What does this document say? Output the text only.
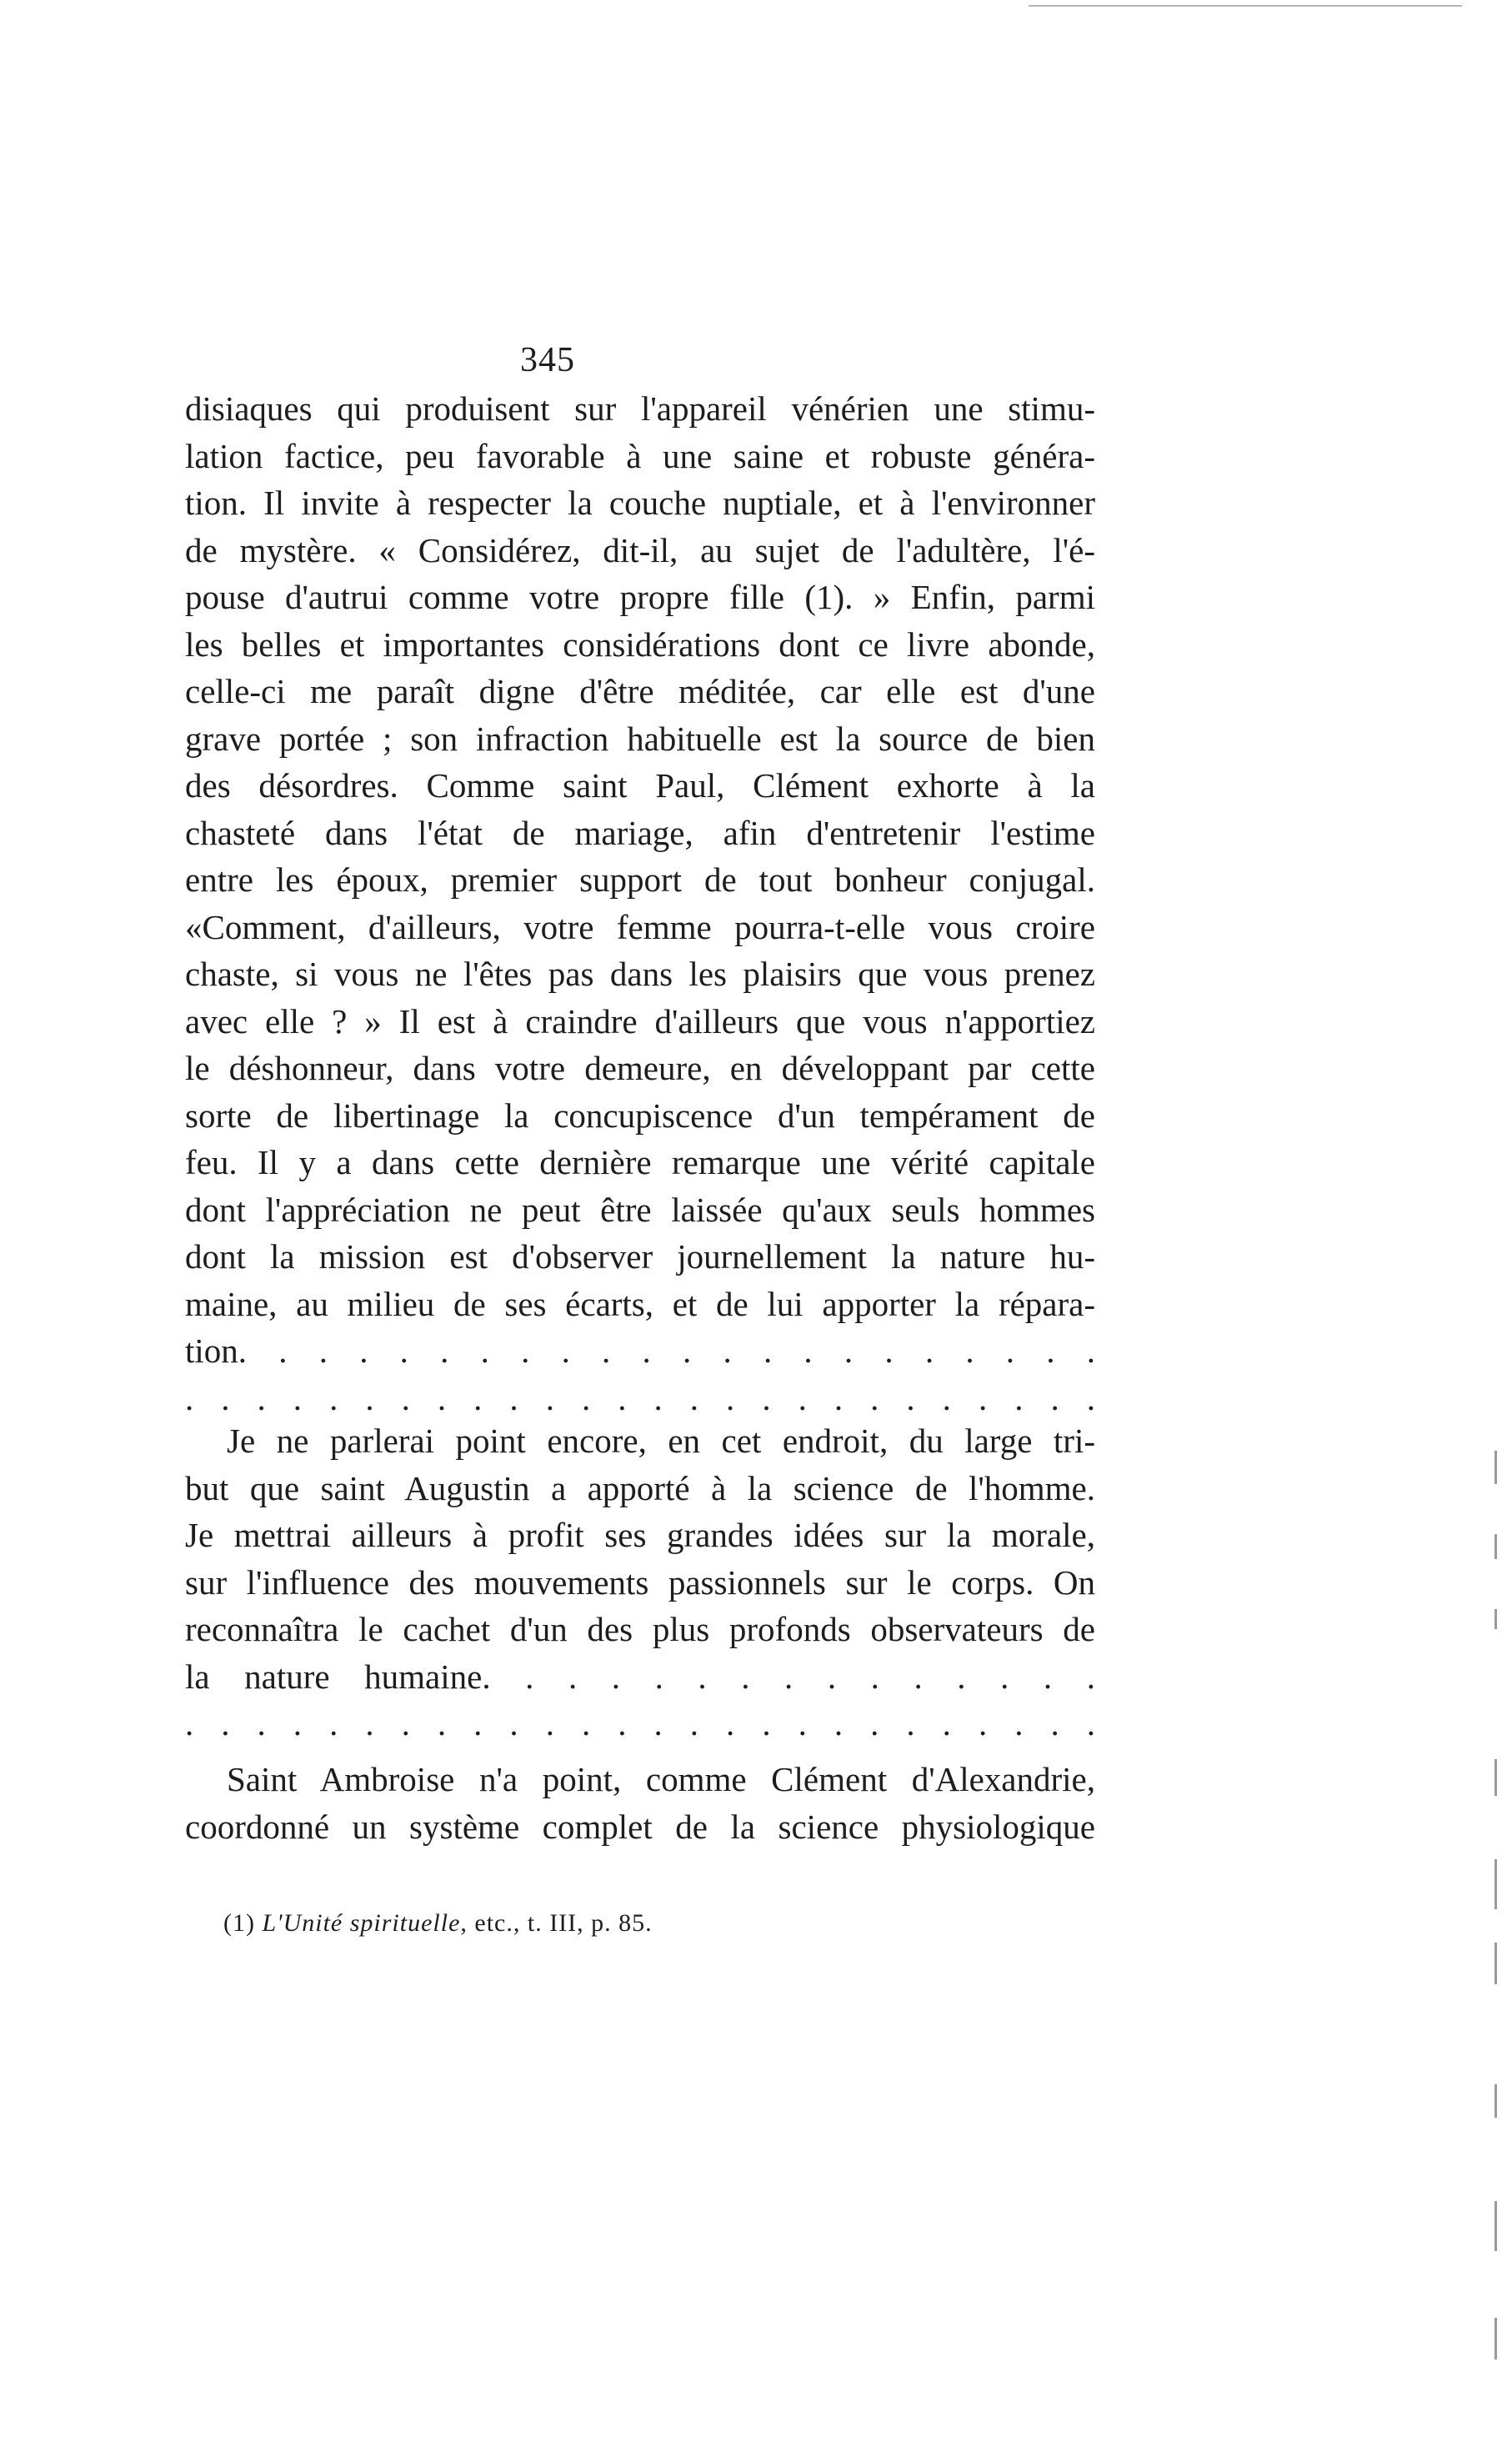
345
disiaques qui produisent sur l'appareil vénérien une stimu-
lation factice, peu favorable à une saine et robuste généra-
tion. Il invite à respecter la couche nuptiale, et à l'environner
de mystère. « Considérez, dit-il, au sujet de l'adultère, l'é-
pouse d'autrui comme votre propre fille (1). » Enfin, parmi
les belles et importantes considérations dont ce livre abonde,
celle-ci me paraît digne d'être méditée, car elle est d'une
grave portée ; son infraction habituelle est la source de bien
des désordres. Comme saint Paul, Clément exhorte à la
chasteté dans l'état de mariage, afin d'entretenir l'estime
entre les époux, premier support de tout bonheur conjugal.
«Comment, d'ailleurs, votre femme pourra-t-elle vous croire
chaste, si vous ne l'êtes pas dans les plaisirs que vous prenez
avec elle ? » Il est à craindre d'ailleurs que vous n'apportiez
le déshonneur, dans votre demeure, en développant par cette
sorte de libertinage la concupiscence d'un tempérament de
feu. Il y a dans cette dernière remarque une vérité capitale
dont l'appréciation ne peut être laissée qu'aux seuls hommes
dont la mission est d'observer journellement la nature hu-
maine, au milieu de ses écarts, et de lui apporter la répara-
tion. . . . . . . . . . . . . . . . . . . . . .
. . . . . . . . . . . . . . . . . . . . . . . . . .
Je ne parlerai point encore, en cet endroit, du large tri-
but que saint Augustin a apporté à la science de l'homme.
Je mettrai ailleurs à profit ses grandes idées sur la morale,
sur l'influence des mouvements passionnels sur le corps. On
reconnaîtra le cachet d'un des plus profonds observateurs de
la nature humaine. . . . . . . . . . . . . . .
. . . . . . . . . . . . . . . . . . . . . . . . . .
Saint Ambroise n'a point, comme Clément d'Alexandrie,
coordonné un système complet de la science physiologique
(1) L'Unité spirituelle, etc., t. III, p. 85.
